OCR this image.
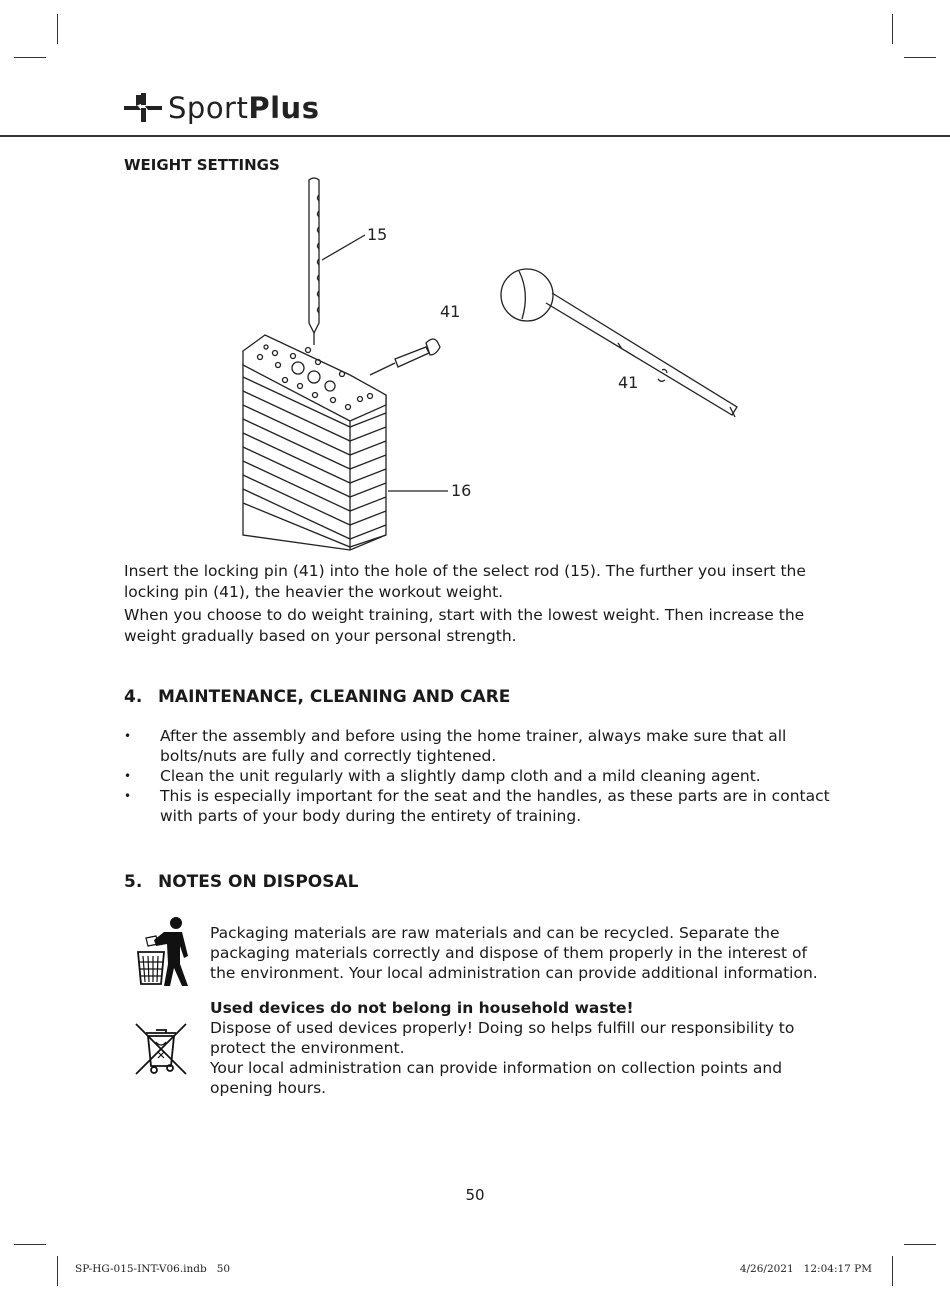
SportPlus
WEIGHT SETTINGS
15
16
41
41
Insert the locking pin (41) into the hole of the select rod (15). The further you insert the locking pin (41), the heavier the workout weight.
When you choose to do weight training, start with the lowest weight. Then increase the weight gradually based on your personal strength.
4. MAINTENANCE, CLEANING AND CARE
• After the assembly and before using the home trainer, always make sure that all bolts/nuts are fully and correctly tightened.
• Clean the unit regularly with a slightly damp cloth and a mild cleaning agent.
• This is especially important for the seat and the handles, as these parts are in contact with parts of your body during the entirety of training.
5. NOTES ON DISPOSAL
Packaging materials are raw materials and can be recycled. Separate the packaging materials correctly and dispose of them properly in the interest of the environment. Your local administration can provide additional information.
Used devices do not belong in household waste!
Dispose of used devices properly! Doing so helps fulfill our responsibility to protect the environment.
Your local administration can provide information on collection points and opening hours.
50
SP-HG-015-INT-V06.indb   50	4/26/2021   12:04:17 PM
